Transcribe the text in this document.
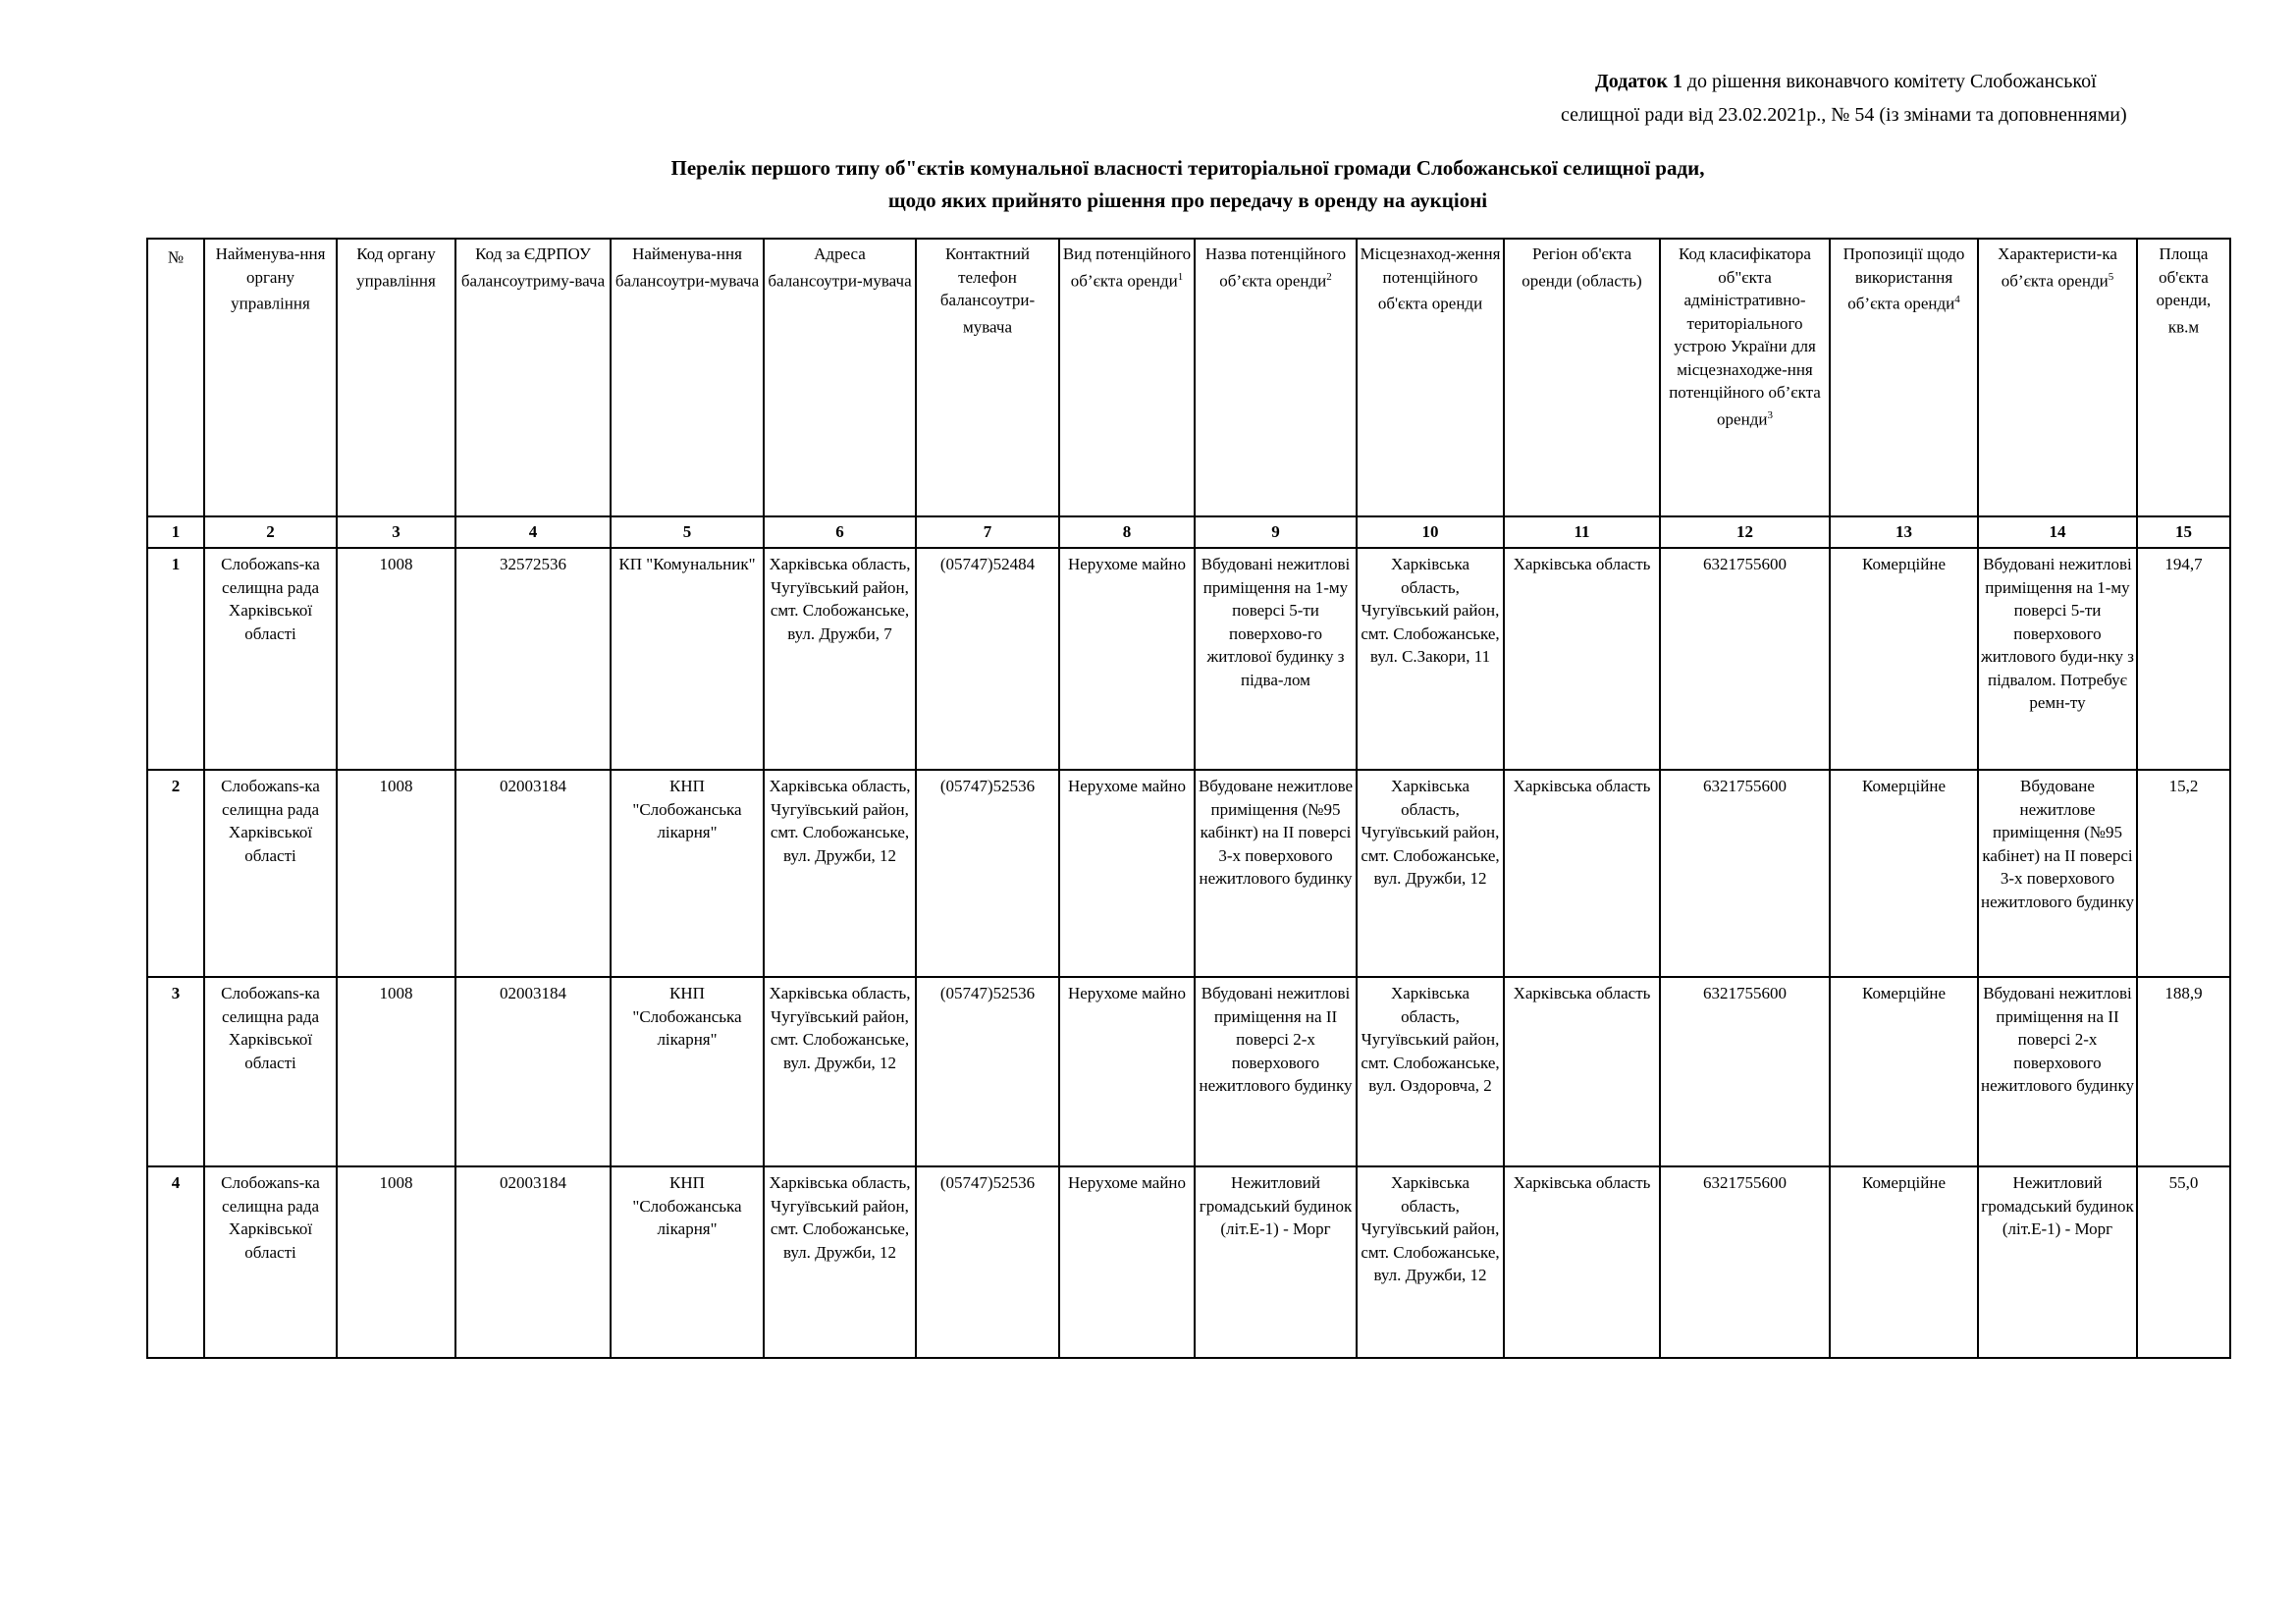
Додаток 1 до рішення виконавчого комітету Слобожанської
селищної ради від 23.02.2021р., № 54 (із змінами та доповненнями)
Перелік першого типу об"єктів комунальної власності територіальної громади Слобожанської селищної ради,
щодо яких прийнято рішення про передачу в оренду на аукціоні
№	Найменува-ння органу управління	Код органу управління	Код за ЄДРПОУ балансоутриму-вача	Найменува-ння балансоутри-мувача	Адреса балансоутри-мувача	Контактний телефон балансоутри-мувача	Вид потенційного об’єкта оренди$^1$	Назва потенційного об’єкта оренди$^2$	Місцезнаход-ження потенційного об'єкта оренди	Регіон об'єкта оренди (область)	Код класифікатора об"єкта адміністративно-територіального устрою України для місцезнаходже-ння потенційного об’єкта оренди$^3$	Пропозиції щодо використання об’єкта оренди$^4$	Характеристи-ка об’єкта оренди$^5$	Площа об'єкта оренди, кв.м
1	2	3	4	5	6	7	8	9	10	11	12	13	14	15
1	Слобожans-ка селищна рада Харківської області	1008	32572536	КП "Комунальник"	Харківська область, Чугуївський район, смт. Слобожанське, вул. Дружби, 7	(05747)52484	Нерухоме майно	Вбудовані нежитлові приміщення на 1-му поверсі 5-ти поверхово-го житлової будинку з підва-лом	Харківська область, Чугуївський район, смт. Слобожанське, вул. С.Закори, 11	Харківська область	6321755600	Комерційне	Вбудовані нежитлові приміщення на 1-му поверсі 5-ти поверхового житлового буди-нку з підвалом. Потребує ремн-ту	194,7
2	Слобожans-ка селищна рада Харківської області	1008	02003184	КНП "Слобожанська лікарня"	Харківська область, Чугуївський район, смт. Слобожанське, вул. Дружби, 12	(05747)52536	Нерухоме майно	Вбудоване нежитлове приміщення (№95 кабінкт) на II поверсі 3-х поверхового нежитлового будинку	Харківська область, Чугуївський район, смт. Слобожанське, вул. Дружби, 12	Харківська область	6321755600	Комерційне	Вбудоване нежитлове приміщення (№95 кабінет) на II поверсі 3-х поверхового нежитлового будинку	15,2
3	Слобожans-ка селищна рада Харківської області	1008	02003184	КНП "Слобожанська лікарня"	Харківська область, Чугуївський район, смт. Слобожанське, вул. Дружби, 12	(05747)52536	Нерухоме майно	Вбудовані нежитлові приміщення на II поверсі 2-х поверхового нежитлового будинку	Харківська область, Чугуївський район, смт. Слобожанське, вул. Оздоровча, 2	Харківська область	6321755600	Комерційне	Вбудовані нежитлові приміщення на II поверсі 2-х поверхового нежитлового будинку	188,9
4	Слобожans-ка селищна рада Харківської області	1008	02003184	КНП "Слобожанська лікарня"	Харківська область, Чугуївський район, смт. Слобожанське, вул. Дружби, 12	(05747)52536	Нерухоме майно	Нежитловий громадський будинок (літ.Е-1) - Морг	Харківська область, Чугуївський район, смт. Слобожанське, вул. Дружби, 12	Харківська область	6321755600	Комерційне	Нежитловий громадський будинок (літ.Е-1) - Морг	55,0
